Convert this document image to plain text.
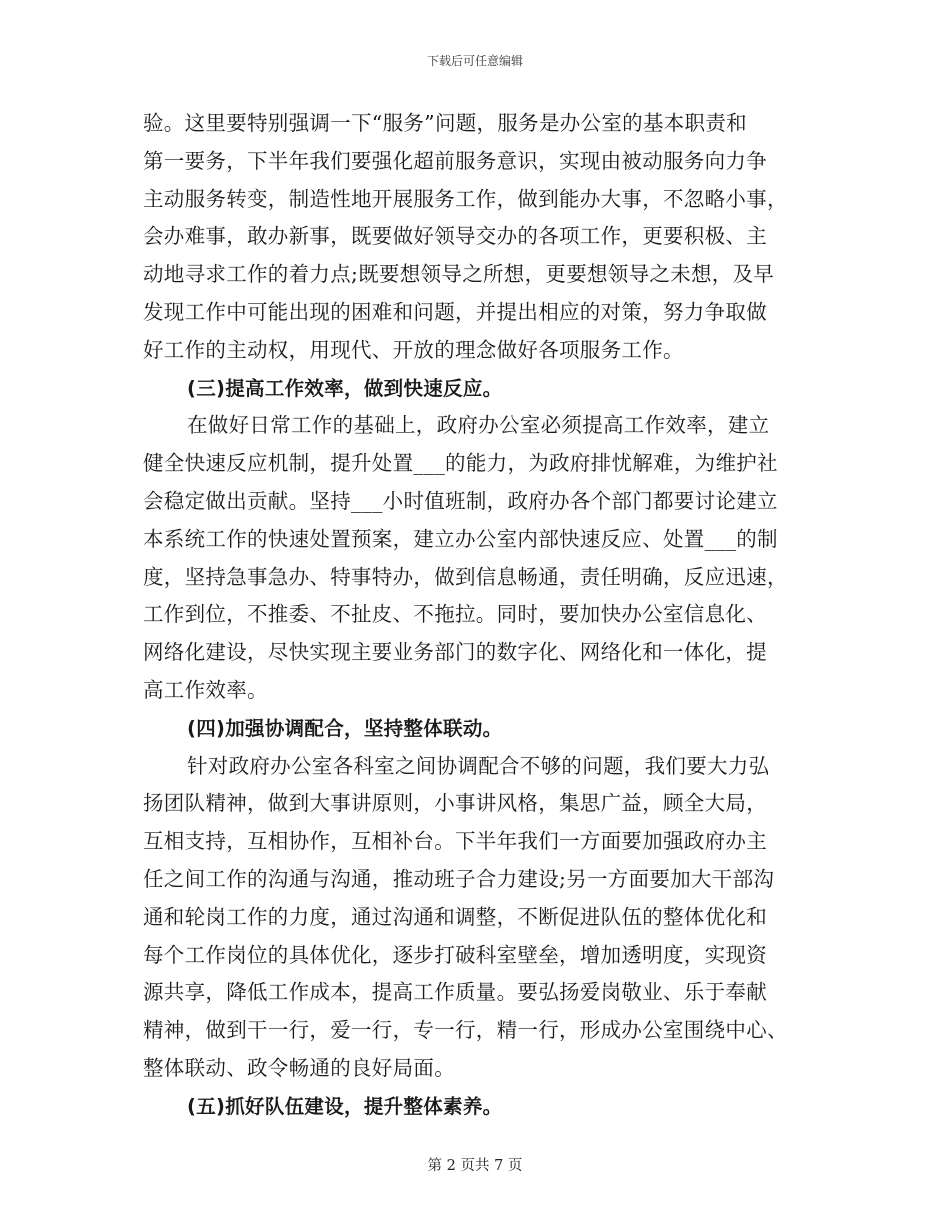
下载后可任意编辑
验。这里要特别强调一下“服务”问题，服务是办公室的基本职责和
第一要务，下半年我们要强化超前服务意识，实现由被动服务向力争
主动服务转变，制造性地开展服务工作，做到能办大事，不忽略小事，
会办难事，敢办新事，既要做好领导交办的各项工作，更要积极、主
动地寻求工作的着力点;既要想领导之所想，更要想领导之未想，及早
发现工作中可能出现的困难和问题，并提出相应的对策，努力争取做
好工作的主动权，用现代、开放的理念做好各项服务工作。
(三)提高工作效率，做到快速反应。
在做好日常工作的基础上，政府办公室必须提高工作效率，建立
健全快速反应机制，提升处置___的能力，为政府排忧解难，为维护社
会稳定做出贡献。坚持___小时值班制，政府办各个部门都要讨论建立
本系统工作的快速处置预案，建立办公室内部快速反应、处置___的制
度，坚持急事急办、特事特办，做到信息畅通，责任明确，反应迅速，
工作到位，不推委、不扯皮、不拖拉。同时，要加快办公室信息化、
网络化建设，尽快实现主要业务部门的数字化、网络化和一体化，提
高工作效率。
(四)加强协调配合，坚持整体联动。
针对政府办公室各科室之间协调配合不够的问题，我们要大力弘
扬团队精神，做到大事讲原则，小事讲风格，集思广益，顾全大局，
互相支持，互相协作，互相补台。下半年我们一方面要加强政府办主
任之间工作的沟通与沟通，推动班子合力建设;另一方面要加大干部沟
通和轮岗工作的力度，通过沟通和调整，不断促进队伍的整体优化和
每个工作岗位的具体优化，逐步打破科室壁垒，增加透明度，实现资
源共享，降低工作成本，提高工作质量。要弘扬爱岗敬业、乐于奉献
精神，做到干一行，爱一行，专一行，精一行，形成办公室围绕中心、
整体联动、政令畅通的良好局面。
(五)抓好队伍建设，提升整体素养。
第 2 页共 7 页
